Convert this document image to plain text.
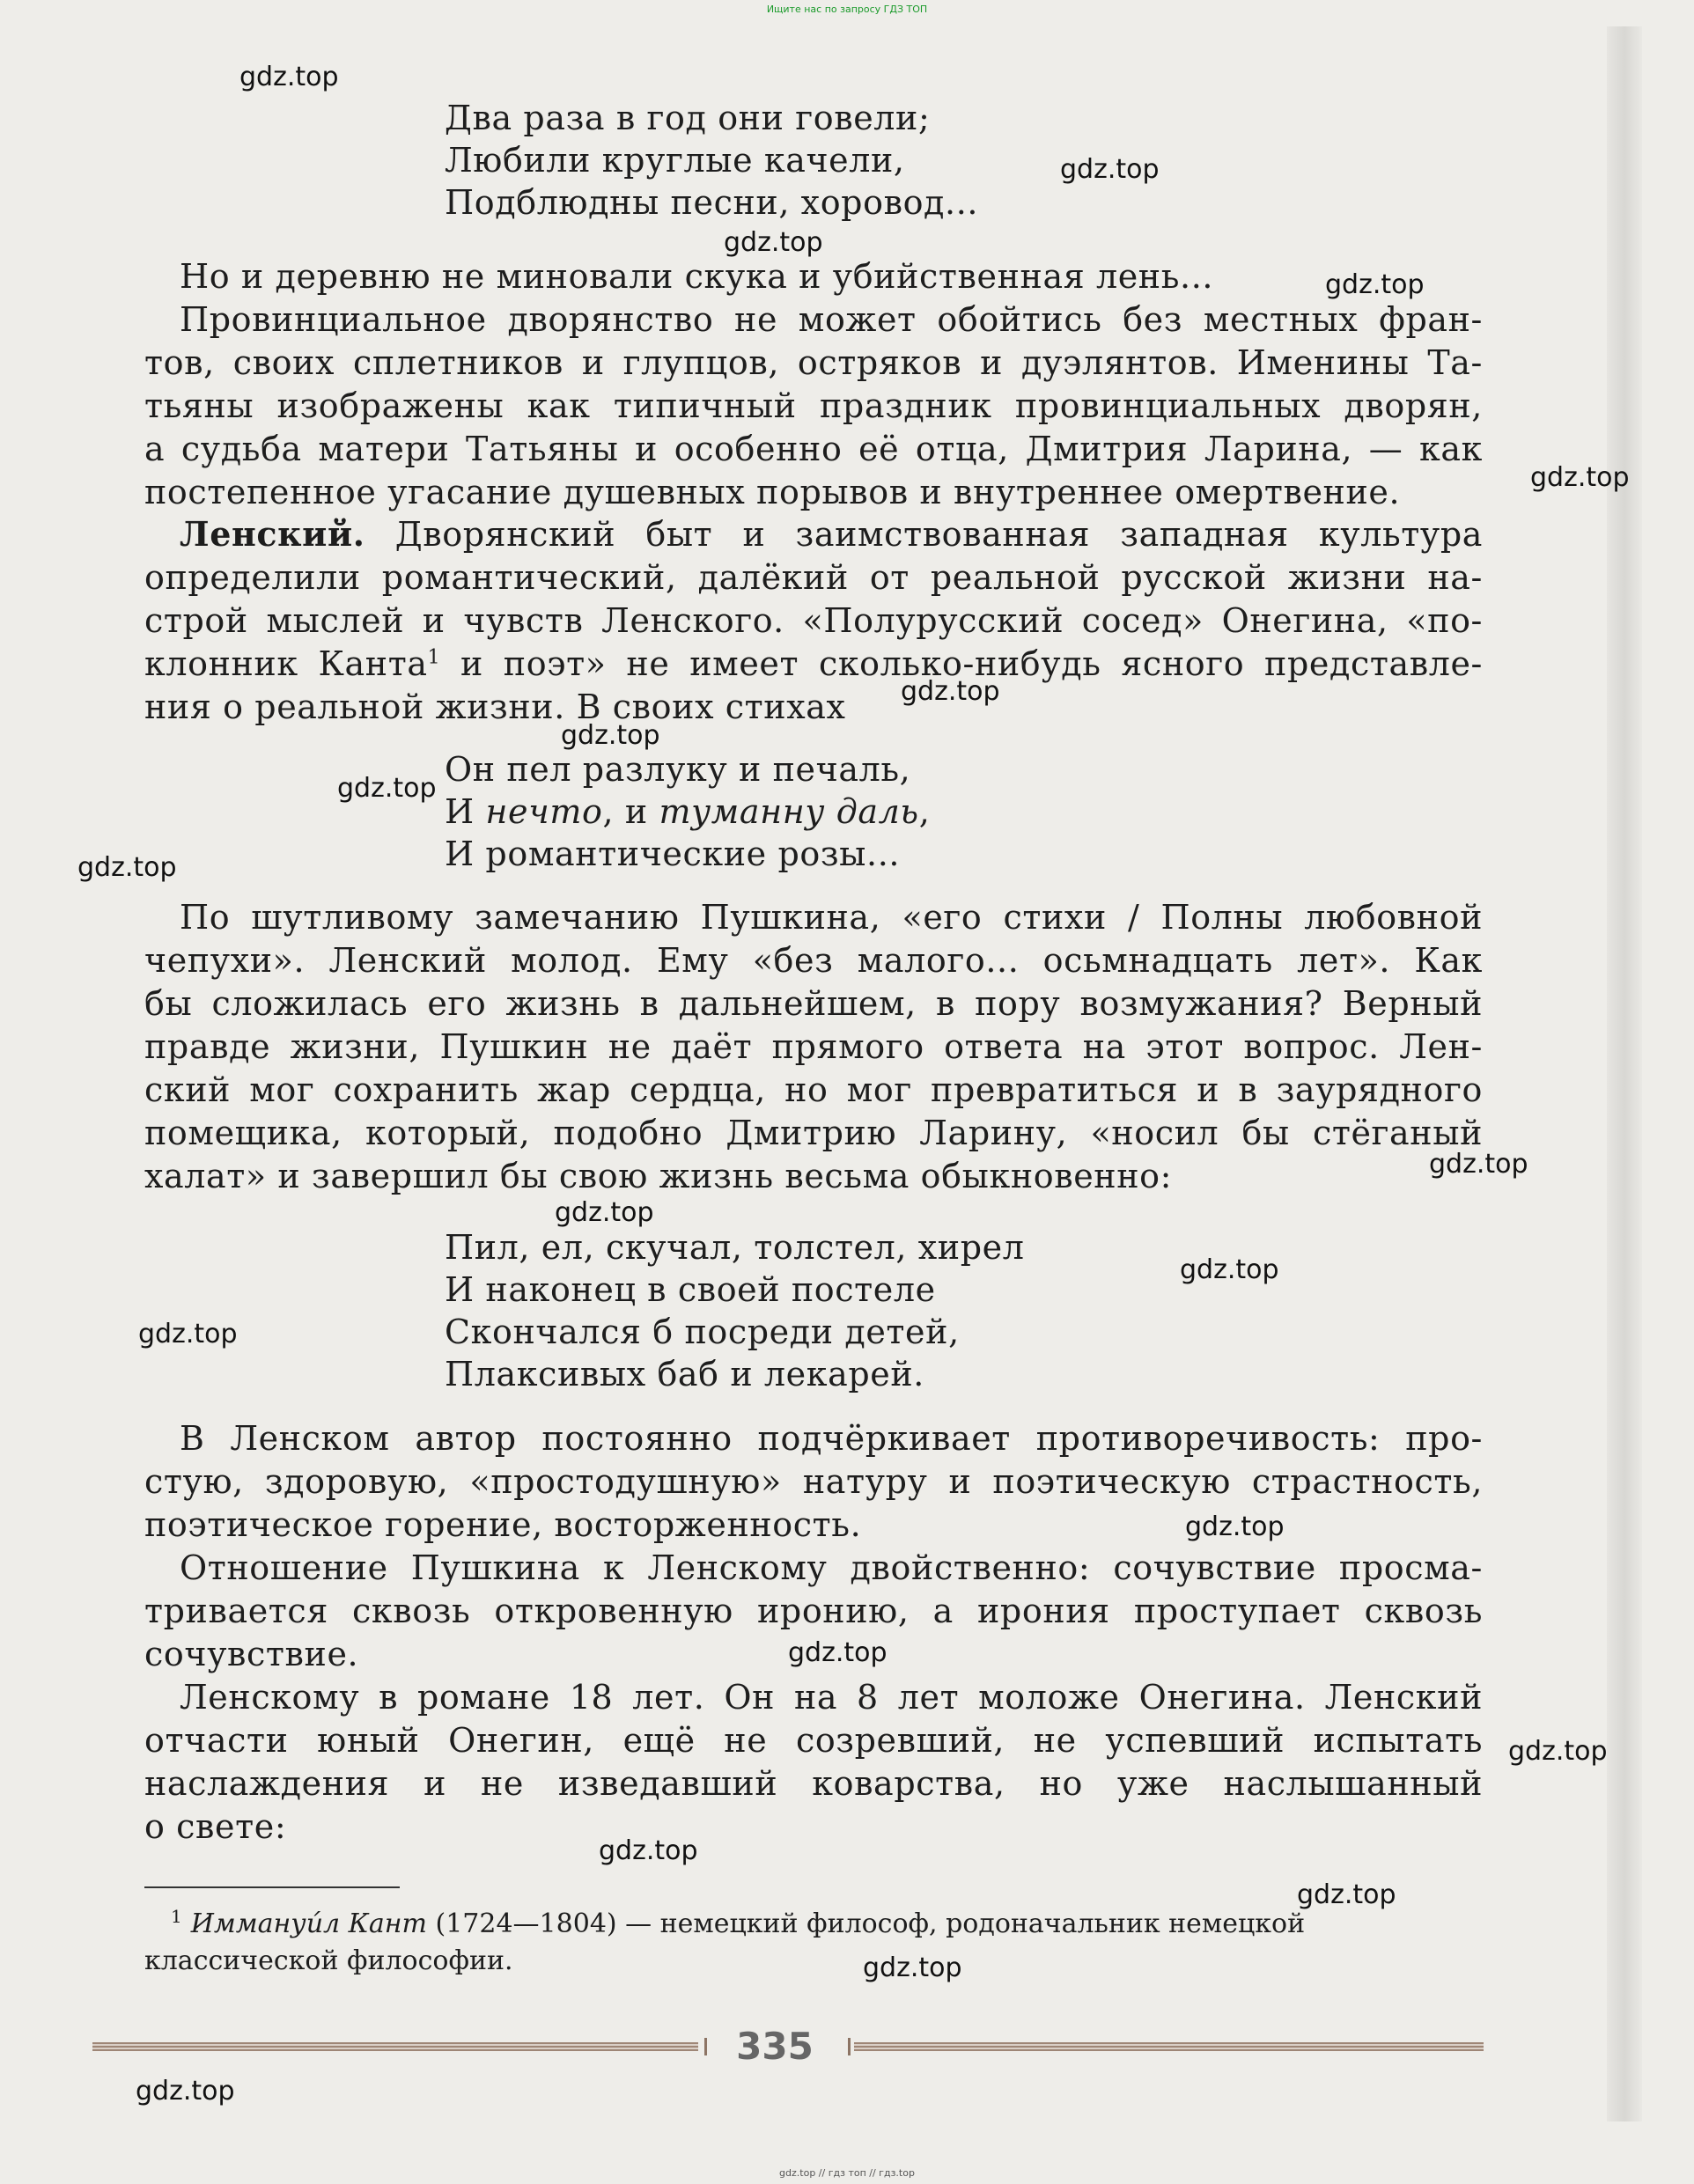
Ищите нас по запросу ГДЗ ТОП
Два раза в год они говели;
Любили круглые качели,
Подблюдны песни, хоровод...
Но и деревню не миновали скука и убийственная лень...
Провинциальное дворянство не может обойтись без местных фран-
тов, своих сплетников и глупцов, остряков и дуэлянтов. Именины Та-
тьяны изображены как типичный праздник провинциальных дворян,
а судьба матери Татьяны и особенно её отца, Дмитрия Ларина, — как
постепенное угасание душевных порывов и внутреннее омертвение.
Ленский. Дворянский быт и заимствованная западная культура
определили романтический, далёкий от реальной русской жизни на-
строй мыслей и чувств Ленского. «Полурусский сосед» Онегина, «по-
клонник Канта$^1$ и поэт» не имеет сколько-нибудь ясного представле-
ния о реальной жизни. В своих стихах
Он пел разлуку и печаль,
И нечто, и туманну даль,
И романтические розы...
По шутливому замечанию Пушкина, «его стихи / Полны любовной
чепухи». Ленский молод. Ему «без малого... осьмнадцать лет». Как
бы сложилась его жизнь в дальнейшем, в пору возмужания? Верный
правде жизни, Пушкин не даёт прямого ответа на этот вопрос. Лен-
ский мог сохранить жар сердца, но мог превратиться и в заурядного
помещика, который, подобно Дмитрию Ларину, «носил бы стёганый
халат» и завершил бы свою жизнь весьма обыкновенно:
Пил, ел, скучал, толстел, хирел
И наконец в своей постеле
Скончался б посреди детей,
Плаксивых баб и лекарей.
В Ленском автор постоянно подчёркивает противоречивость: про-
стую, здоровую, «простодушную» натуру и поэтическую страстность,
поэтическое горение, восторженность.
Отношение Пушкина к Ленскому двойственно: сочувствие просма-
тривается сквозь откровенную иронию, а ирония проступает сквозь
сочувствие.
Ленскому в романе 18 лет. Он на 8 лет моложе Онегина. Ленский
отчасти юный Онегин, ещё не созревший, не успевший испытать
наслаждения и не изведавший коварства, но уже наслышанный
о свете:
$^1$ Иммануи́л Кант (1724—1804) — немецкий философ, родоначальник немецкой
классической философии.
335
gdz.top
gdz.top
gdz.top
gdz.top
gdz.top
gdz.top
gdz.top
gdz.top
gdz.top
gdz.top
gdz.top
gdz.top
gdz.top
gdz.top
gdz.top
gdz.top
gdz.top
gdz.top
gdz.top
gdz.top
gdz.top // гдз топ // гдз.top
